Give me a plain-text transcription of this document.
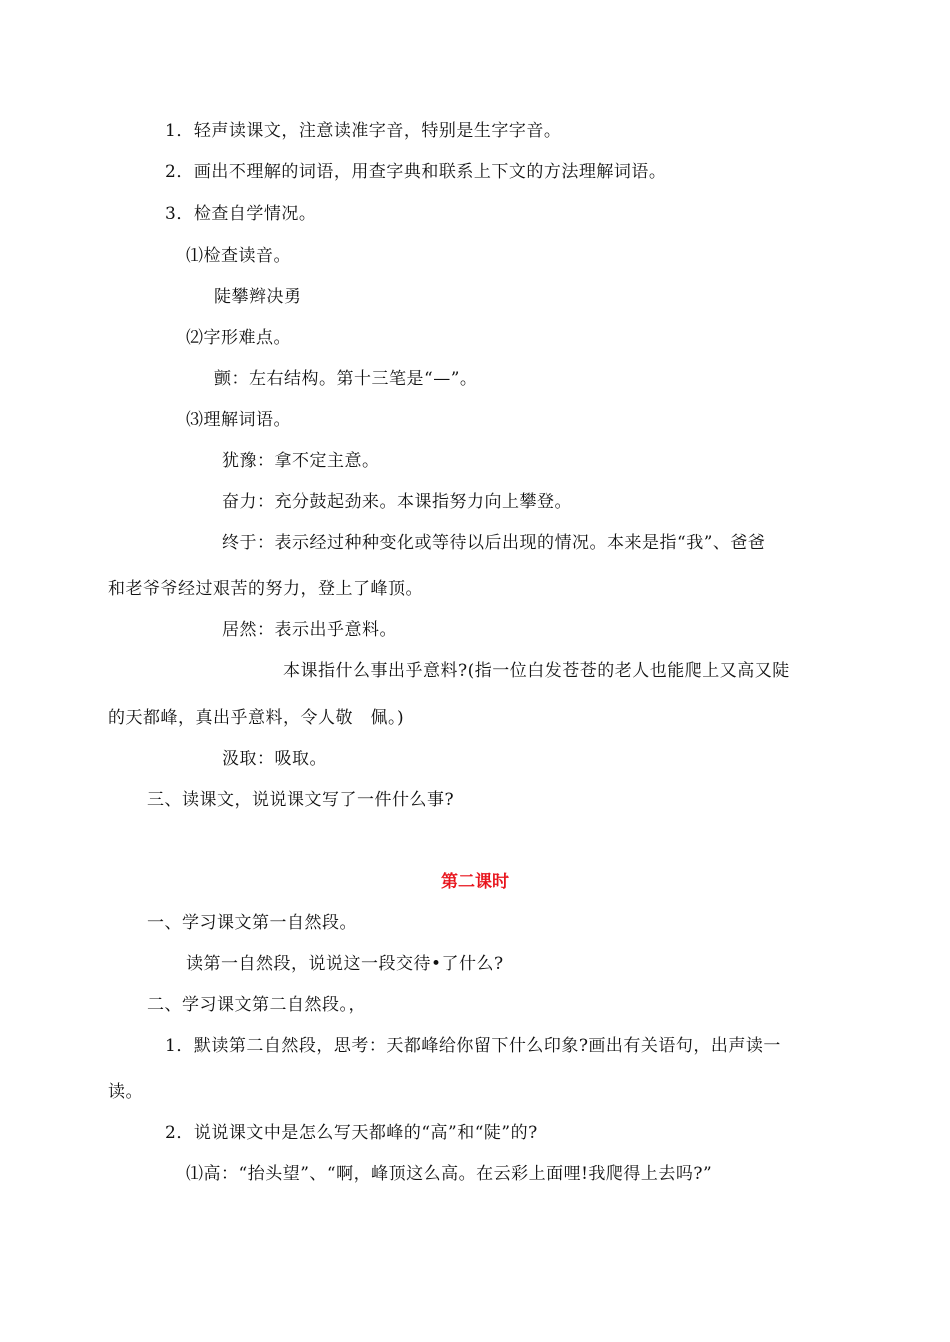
1．轻声读课文，注意读准字音，特别是生字字音。
2．画出不理解的词语，用查字典和联系上下文的方法理解词语。
3．检查自学情况。
⑴检查读音。
陡攀辫决勇
⑵字形难点。
颤：左右结构。第十三笔是“—”。
⑶理解词语。
犹豫：拿不定主意。
奋力：充分鼓起劲来。本课指努力向上攀登。
终于：表示经过种种变化或等待以后出现的情况。本来是指“我”、爸爸
和老爷爷经过艰苦的努力，登上了峰顶。
居然：表示出乎意料。
本课指什么事出乎意料?(指一位白发苍苍的老人也能爬上又高又陡
的天都峰，真出乎意料，令人敬　佩。)
汲取：吸取。
三、读课文，说说课文写了一件什么事?
第二课时
一、学习课文第一自然段。
读第一自然段，说说这一段交待•了什么?
二、学习课文第二自然段。，
1．默读第二自然段，思考：天都峰给你留下什么印象?画出有关语句，出声读一
读。
2．说说课文中是怎么写天都峰的“高”和“陡”的?
⑴高：“抬头望”、“啊，峰顶这么高。在云彩上面哩!我爬得上去吗?”
